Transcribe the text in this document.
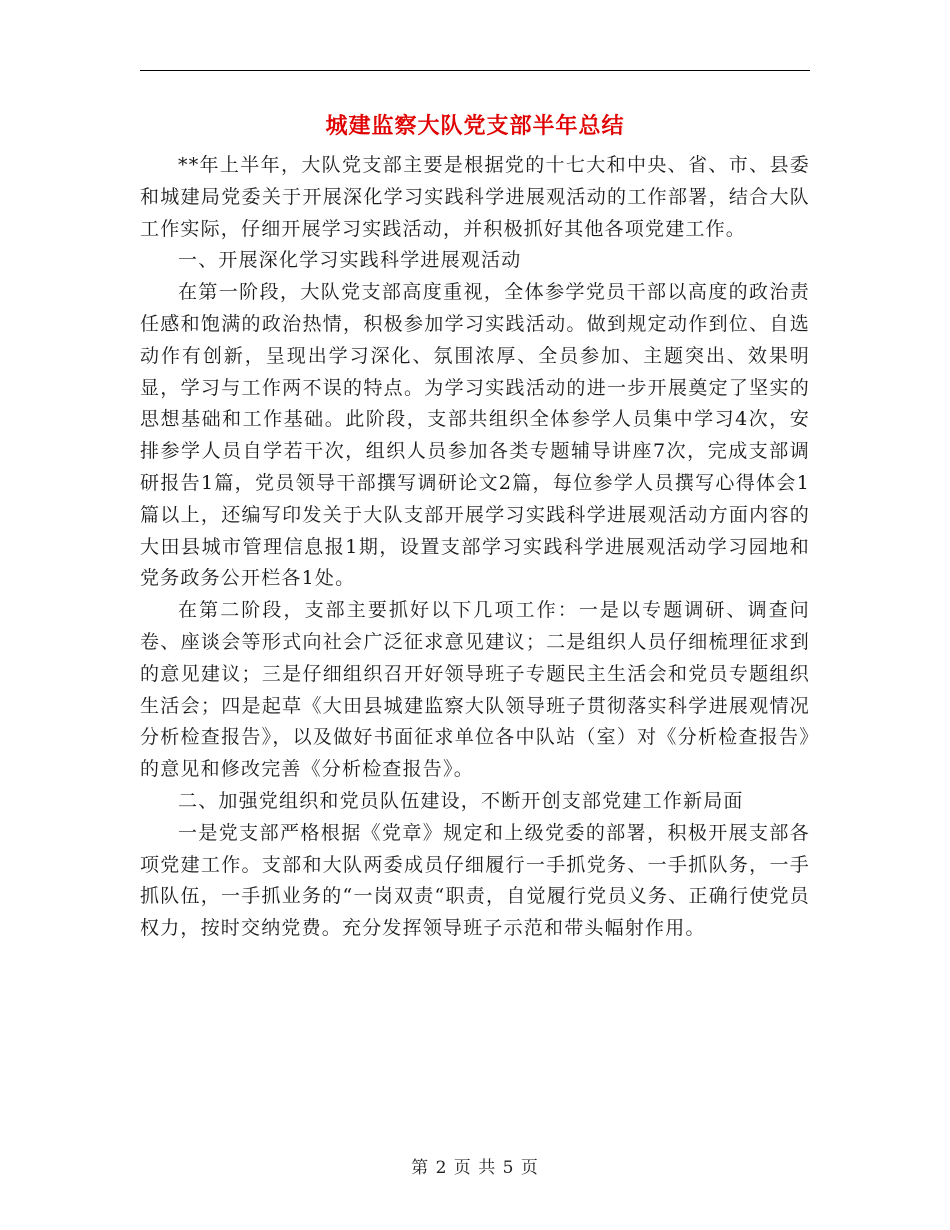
城建监察大队党支部半年总结

**年上半年，大队党支部主要是根据党的十七大和中央、省、市、县委和城建局党委关于开展深化学习实践科学进展观活动的工作部署，结合大队工作实际，仔细开展学习实践活动，并积极抓好其他各项党建工作。

一、开展深化学习实践科学进展观活动

在第一阶段，大队党支部高度重视，全体参学党员干部以高度的政治责任感和饱满的政治热情，积极参加学习实践活动。做到规定动作到位、自选动作有创新，呈现出学习深化、氛围浓厚、全员参加、主题突出、效果明显，学习与工作两不误的特点。为学习实践活动的进一步开展奠定了坚实的思想基础和工作基础。此阶段，支部共组织全体参学人员集中学习4次，安排参学人员自学若干次，组织人员参加各类专题辅导讲座7次，完成支部调研报告1篇，党员领导干部撰写调研论文2篇，每位参学人员撰写心得体会1篇以上，还编写印发关于大队支部开展学习实践科学进展观活动方面内容的大田县城市管理信息报1期，设置支部学习实践科学进展观活动学习园地和党务政务公开栏各1处。

在第二阶段，支部主要抓好以下几项工作：一是以专题调研、调查问卷、座谈会等形式向社会广泛征求意见建议；二是组织人员仔细梳理征求到的意见建议；三是仔细组织召开好领导班子专题民主生活会和党员专题组织生活会；四是起草《大田县城建监察大队领导班子贯彻落实科学进展观情况分析检查报告》，以及做好书面征求单位各中队站（室）对《分析检查报告》的意见和修改完善《分析检查报告》。

二、加强党组织和党员队伍建设，不断开创支部党建工作新局面

一是党支部严格根据《党章》规定和上级党委的部署，积极开展支部各项党建工作。支部和大队两委成员仔细履行一手抓党务、一手抓队务，一手抓队伍，一手抓业务的“一岗双责“职责，自觉履行党员义务、正确行使党员权力，按时交纳党费。充分发挥领导班子示范和带头幅射作用。

第 2 页 共 5 页
